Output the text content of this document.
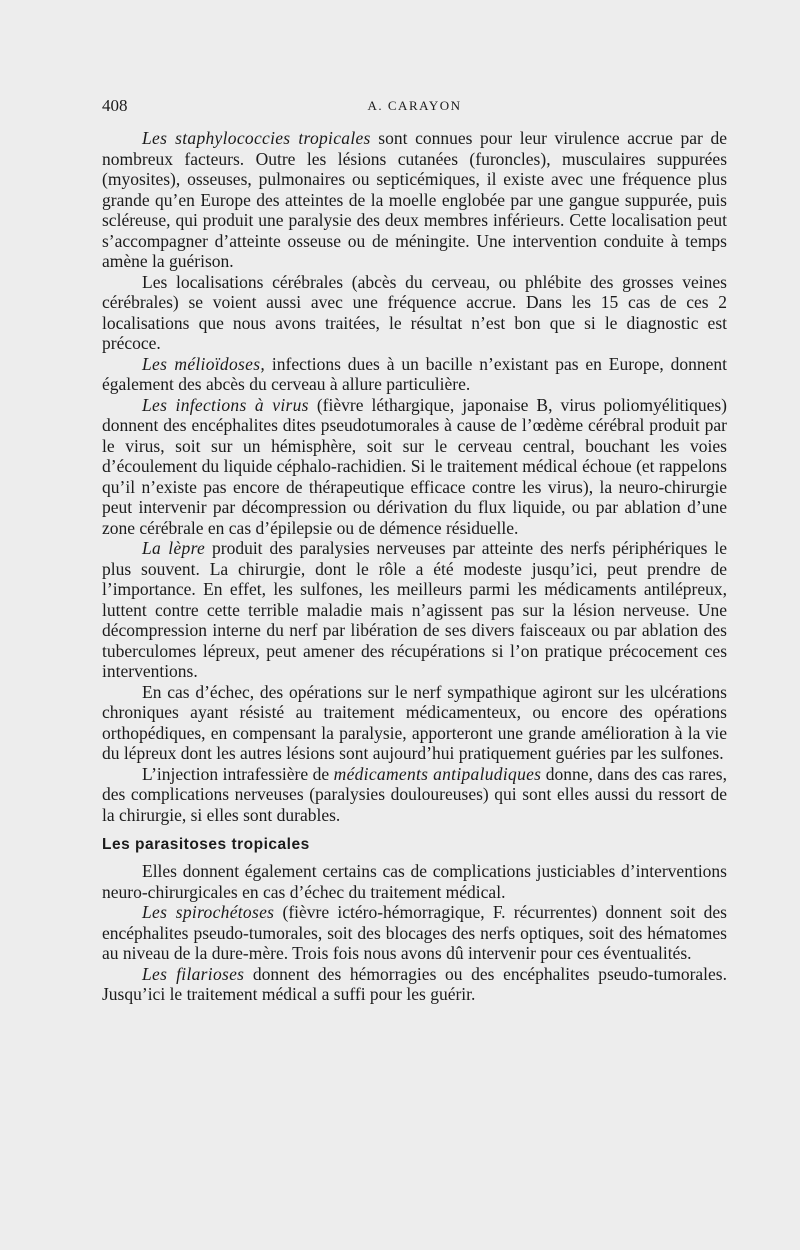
408	A. CARAYON

Les staphylococcies tropicales sont connues pour leur virulence accrue par de nombreux facteurs. Outre les lésions cutanées (furoncles), musculaires suppurées (myosites), osseuses, pulmonaires ou septicémiques, il existe avec une fréquence plus grande qu’en Europe des atteintes de la moelle englobée par une gangue suppurée, puis scléreuse, qui produit une paralysie des deux membres inférieurs. Cette localisation peut s’accompagner d’atteinte osseuse ou de méningite. Une intervention conduite à temps amène la guérison.

Les localisations cérébrales (abcès du cerveau, ou phlébite des grosses veines cérébrales) se voient aussi avec une fréquence accrue. Dans les 15 cas de ces 2 localisations que nous avons traitées, le résultat n’est bon que si le diagnostic est précoce.

Les mélioïdoses, infections dues à un bacille n’existant pas en Europe, donnent également des abcès du cerveau à allure particulière.

Les infections à virus (fièvre léthargique, japonaise B, virus poliomyélitiques) donnent des encéphalites dites pseudotumorales à cause de l’œdème cérébral produit par le virus, soit sur un hémisphère, soit sur le cerveau central, bouchant les voies d’écoulement du liquide céphalo-rachidien. Si le traitement médical échoue (et rappelons qu’il n’existe pas encore de thérapeutique efficace contre les virus), la neuro-chirurgie peut intervenir par décompression ou dérivation du flux liquide, ou par ablation d’une zone cérébrale en cas d’épilepsie ou de démence résiduelle.

La lèpre produit des paralysies nerveuses par atteinte des nerfs périphériques le plus souvent. La chirurgie, dont le rôle a été modeste jusqu’ici, peut prendre de l’importance. En effet, les sulfones, les meilleurs parmi les médicaments antilépreux, luttent contre cette terrible maladie mais n’agissent pas sur la lésion nerveuse. Une décompression interne du nerf par libération de ses divers faisceaux ou par ablation des tuberculomes lépreux, peut amener des récupérations si l’on pratique précocement ces interventions.

En cas d’échec, des opérations sur le nerf sympathique agiront sur les ulcérations chroniques ayant résisté au traitement médicamenteux, ou encore des opérations orthopédiques, en compensant la paralysie, apporteront une grande amélioration à la vie du lépreux dont les autres lésions sont aujourd’hui pratiquement guéries par les sulfones.

L’injection intrafessière de médicaments antipaludiques donne, dans des cas rares, des complications nerveuses (paralysies douloureuses) qui sont elles aussi du ressort de la chirurgie, si elles sont durables.

Les parasitoses tropicales

Elles donnent également certains cas de complications justiciables d’interventions neuro-chirurgicales en cas d’échec du traitement médical.

Les spirochétoses (fièvre ictéro-hémorragique, F. récurrentes) donnent soit des encéphalites pseudo-tumorales, soit des blocages des nerfs optiques, soit des hématomes au niveau de la dure-mère. Trois fois nous avons dû intervenir pour ces éventualités.

Les filarioses donnent des hémorragies ou des encéphalites pseudo-tumorales. Jusqu’ici le traitement médical a suffi pour les guérir.
